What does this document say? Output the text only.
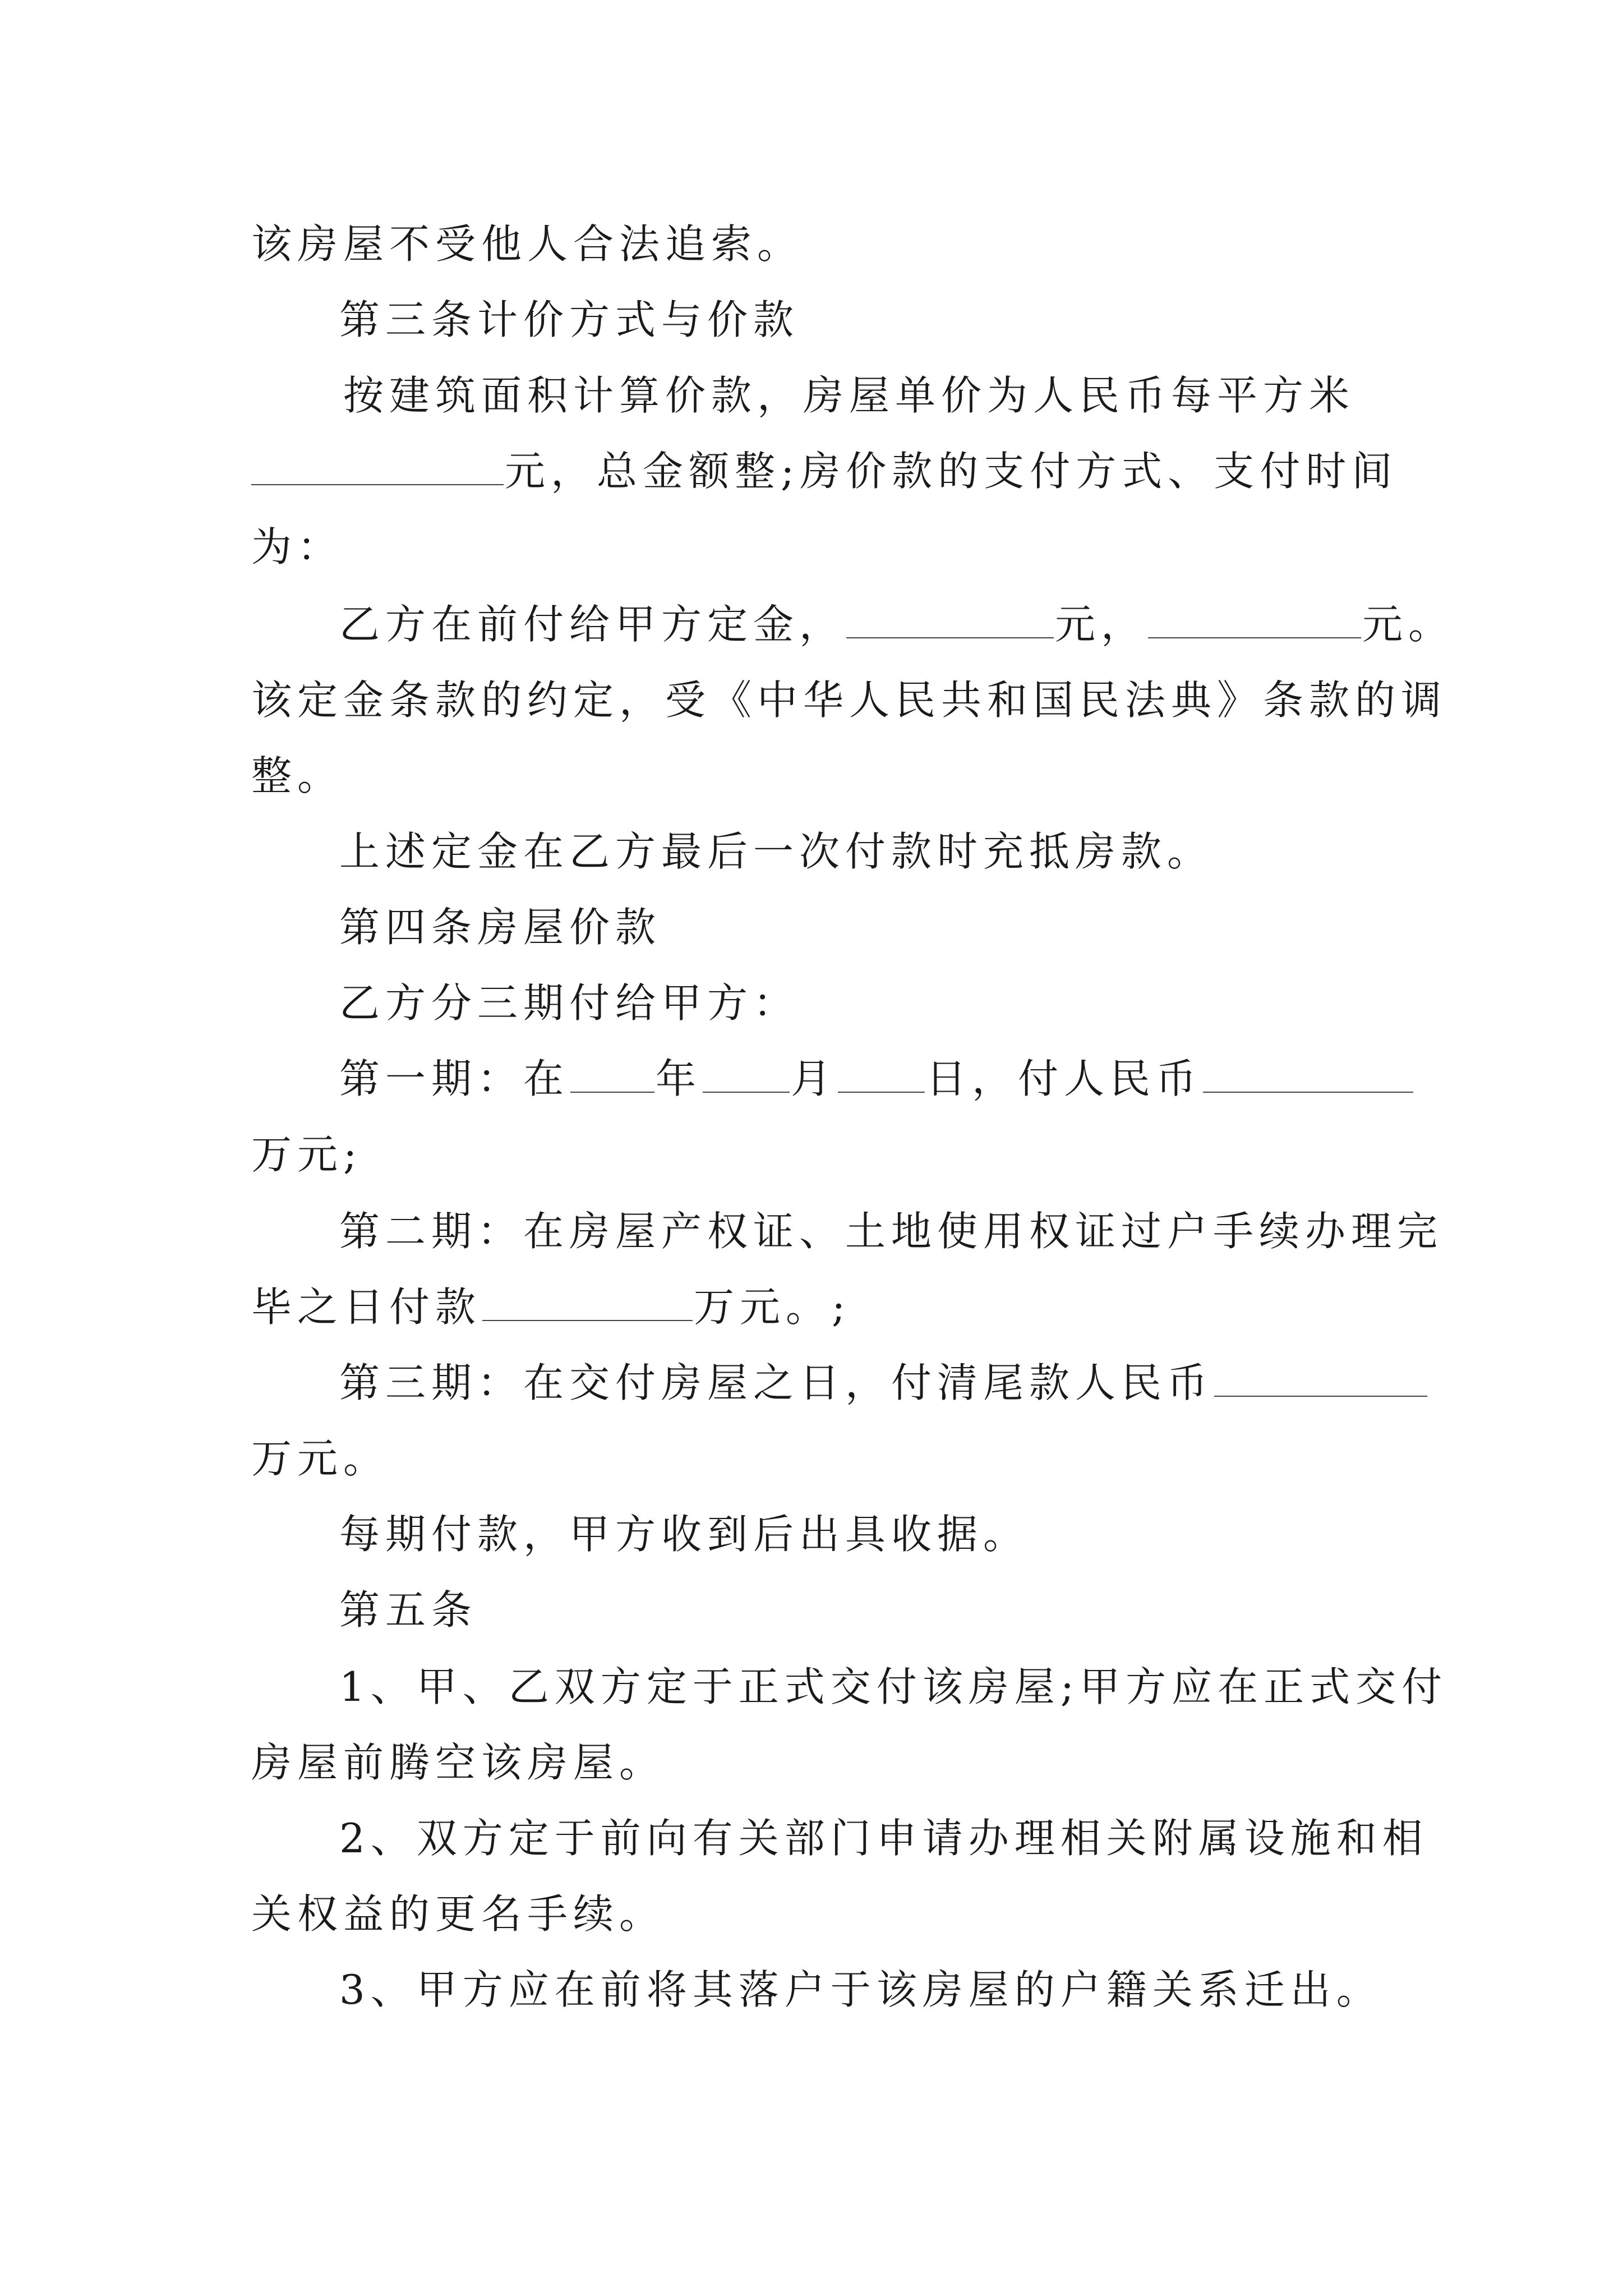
该房屋不受他人合法追索。
第三条计价方式与价款
按建筑面积计算价款，房屋单价为人民币每平方米
元，总金额整;房价款的支付方式、支付时间
为：
乙方在前付给甲方定金，	元，	元。
该定金条款的约定，受《中华人民共和国民法典》条款的调
整。
上述定金在乙方最后一次付款时充抵房款。
第四条房屋价款
乙方分三期付给甲方：
第一期：在 年 月 日，付人民币
万元;
第二期：在房屋产权证、土地使用权证过户手续办理完
毕之日付款	万元。;
第三期：在交付房屋之日，付清尾款人民币
万元。
每期付款，甲方收到后出具收据。
第五条
1、甲、乙双方定于正式交付该房屋;甲方应在正式交付
房屋前腾空该房屋。
2、双方定于前向有关部门申请办理相关附属设施和相
关权益的更名手续。
3、甲方应在前将其落户于该房屋的户籍关系迁出。
